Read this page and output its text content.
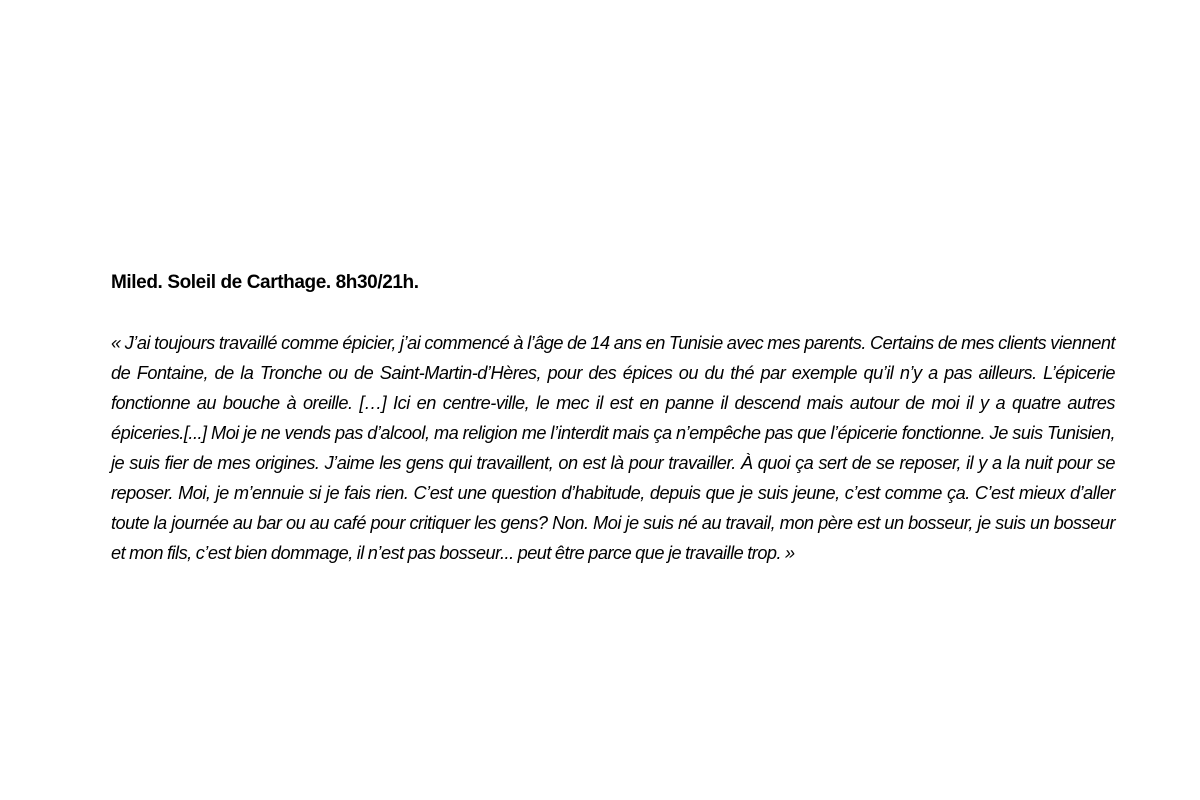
Miled. Soleil de Carthage. 8h30/21h.

« J’ai toujours travaillé comme épicier, j’ai commencé à l’âge de 14 ans en Tunisie avec mes parents. Certains de mes clients viennent de Fontaine, de la Tronche ou de Saint-Martin-d’Hères, pour des épices ou du thé par exemple qu’il n’y a pas ailleurs. L’épicerie fonctionne au bouche à oreille. […] Ici en centre-ville, le mec il est en panne il descend mais autour de moi il y a quatre autres épiceries.[...] Moi je ne vends pas d’alcool, ma religion me l’interdit mais ça n’empêche pas que l’épicerie fonctionne. Je suis Tunisien, je suis fier de mes origines. J’aime les gens qui travaillent, on est là pour travailler. À quoi ça sert de se reposer, il y a la nuit pour se reposer. Moi, je m’ennuie si je fais rien. C’est une question d’habitude, depuis que je suis jeune, c’est comme ça. C’est mieux d’aller toute la journée au bar ou au café pour critiquer les gens? Non. Moi je suis né au travail, mon père est un bosseur, je suis un bosseur et mon fils, c’est bien dommage, il n’est pas bosseur... peut être parce que je travaille trop. »
